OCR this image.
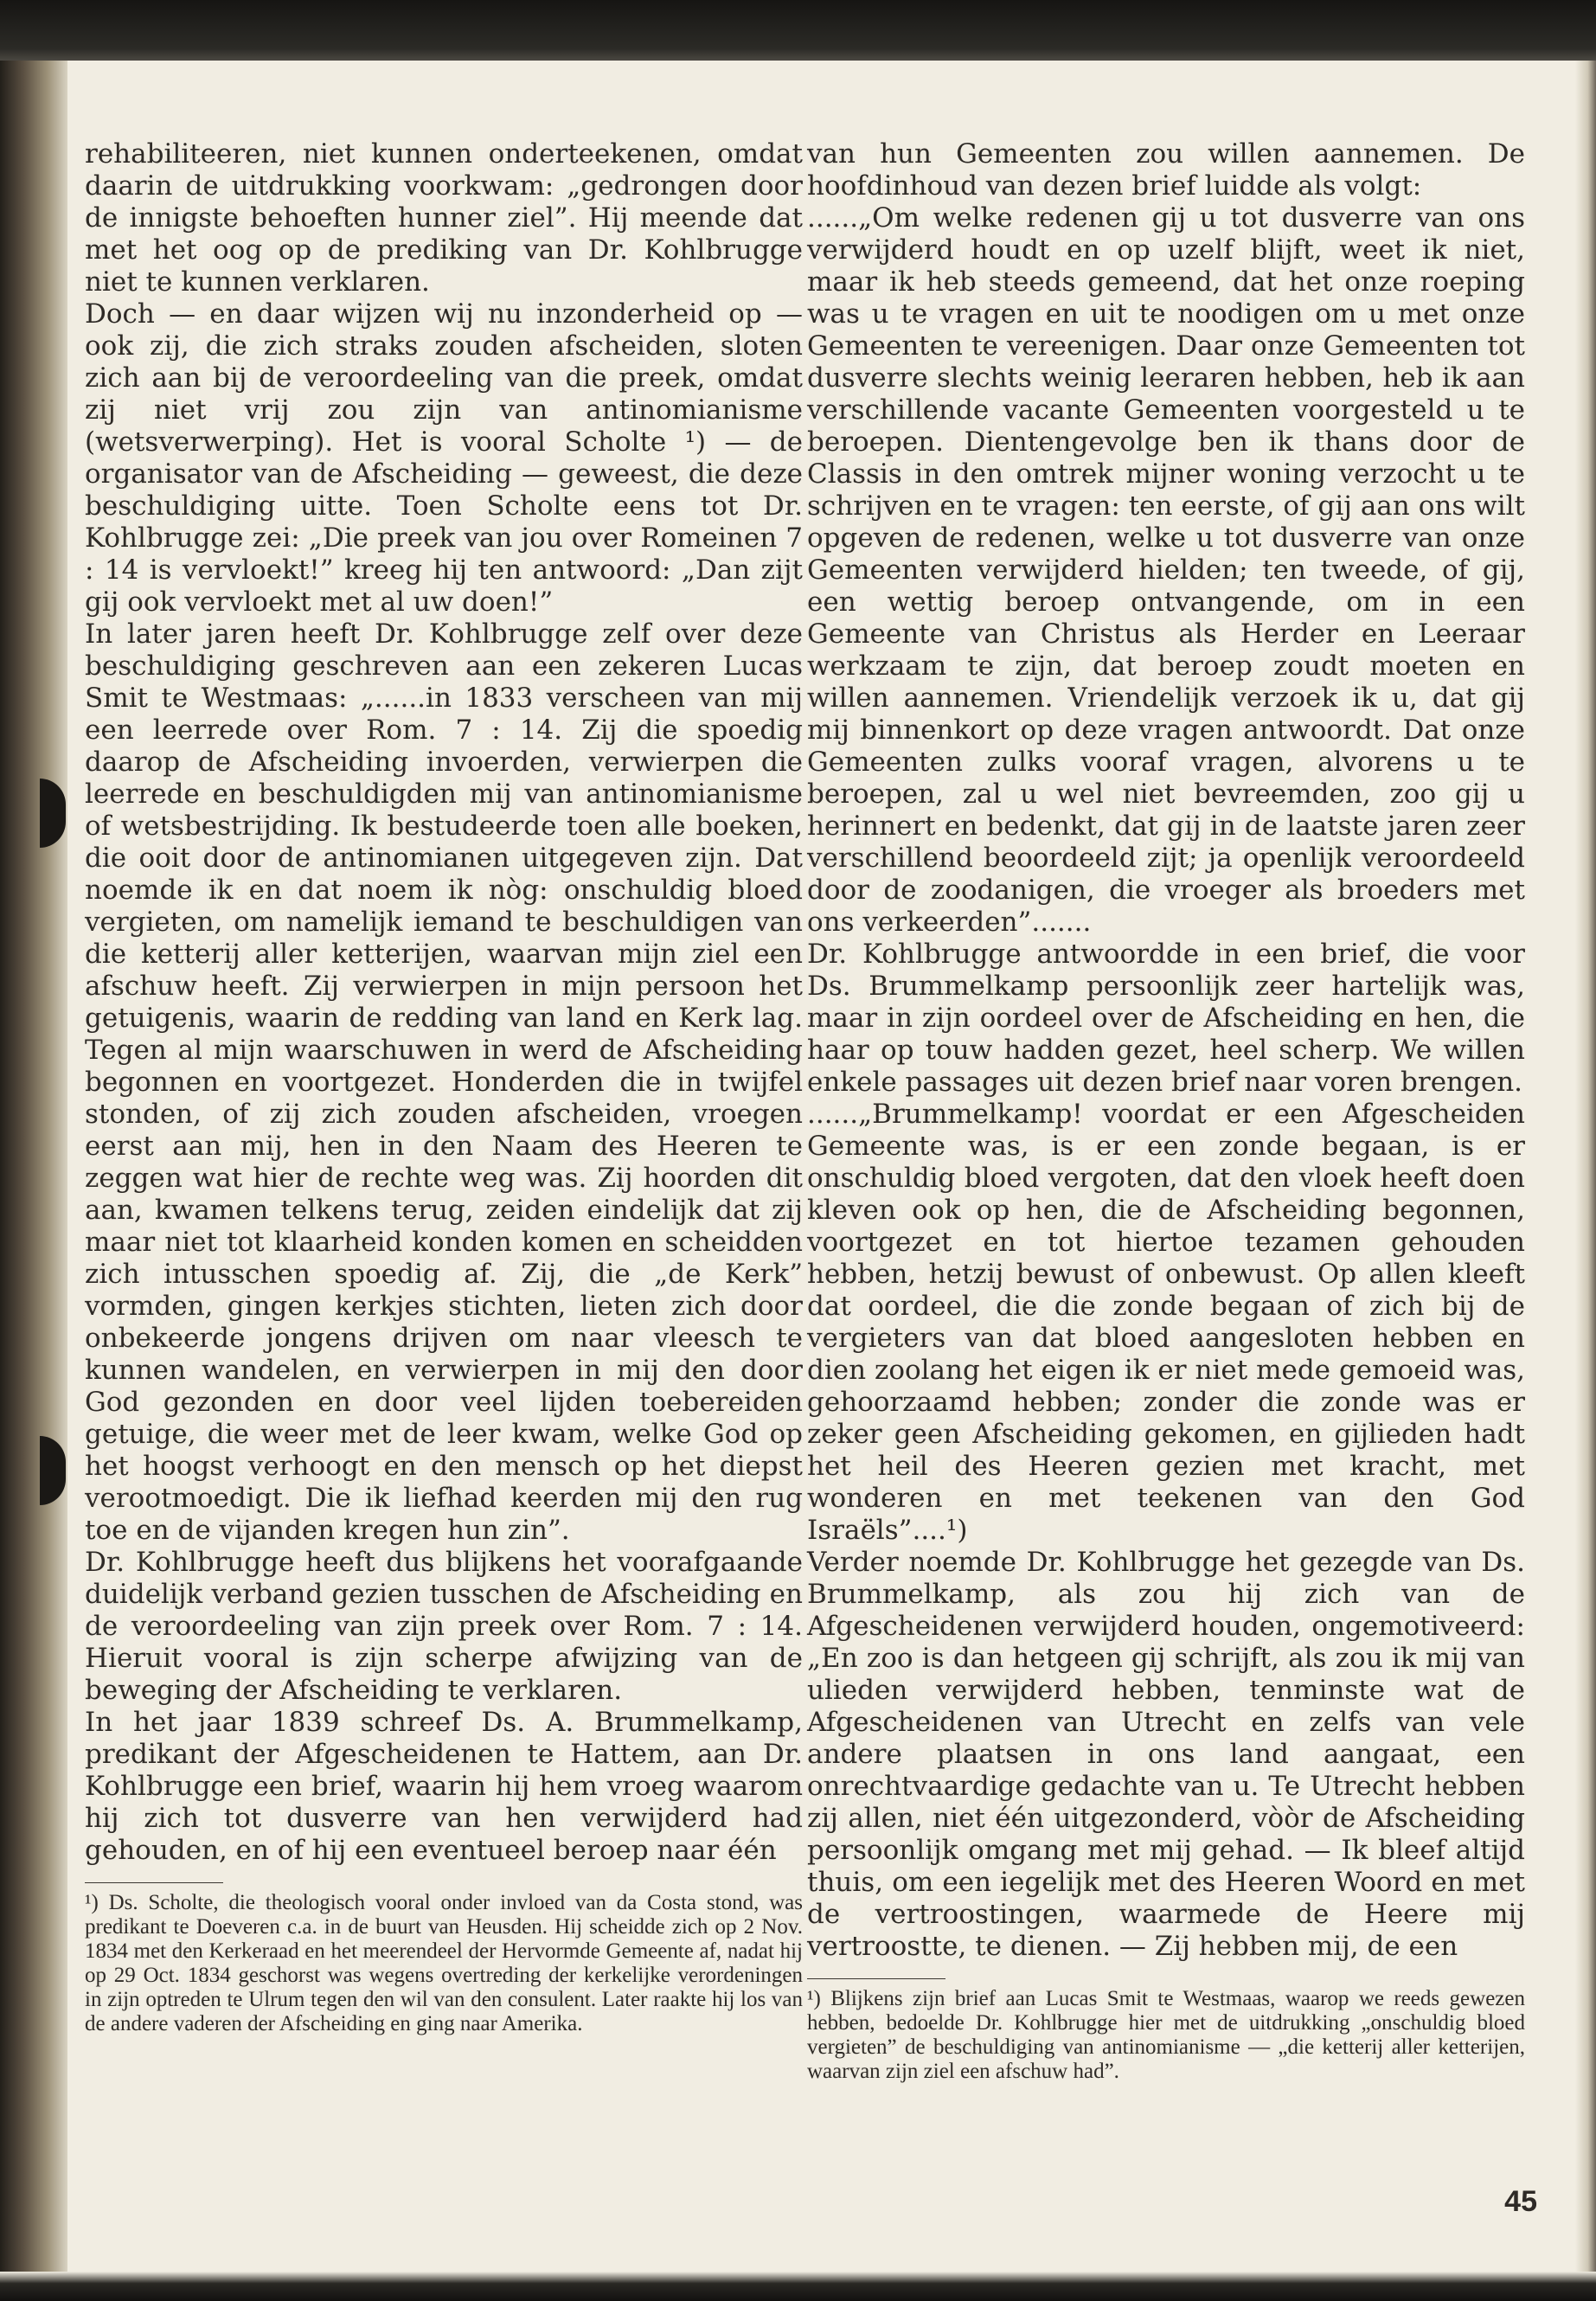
rehabiliteeren, niet kunnen onderteekenen, omdat daarin de uitdrukking voorkwam: „gedrongen door de innigste behoeften hunner ziel”. Hij meende dat met het oog op de prediking van Dr. Kohlbrugge niet te kunnen verklaren.

Doch — en daar wijzen wij nu inzonderheid op — ook zij, die zich straks zouden afscheiden, sloten zich aan bij de veroordeeling van die preek, omdat zij niet vrij zou zijn van antinomianisme (wetsverwerping). Het is vooral Scholte ¹) — de organisator van de Afscheiding — geweest, die deze beschuldiging uitte. Toen Scholte eens tot Dr. Kohlbrugge zei: „Die preek van jou over Romeinen 7 : 14 is vervloekt!” kreeg hij ten antwoord: „Dan zijt gij ook vervloekt met al uw doen!”

In later jaren heeft Dr. Kohlbrugge zelf over deze beschuldiging geschreven aan een zekeren Lucas Smit te Westmaas: „......in 1833 verscheen van mij een leerrede over Rom. 7 : 14. Zij die spoedig daarop de Afscheiding invoerden, verwierpen die leerrede en beschuldigden mij van antinomianisme of wetsbestrijding. Ik bestudeerde toen alle boeken, die ooit door de antinomianen uitgegeven zijn. Dat noemde ik en dat noem ik nòg: onschuldig bloed vergieten, om namelijk iemand te beschuldigen van die ketterij aller ketterijen, waarvan mijn ziel een afschuw heeft. Zij verwierpen in mijn persoon het getuigenis, waarin de redding van land en Kerk lag. Tegen al mijn waarschuwen in werd de Afscheiding begonnen en voortgezet. Honderden die in twijfel stonden, of zij zich zouden afscheiden, vroegen eerst aan mij, hen in den Naam des Heeren te zeggen wat hier de rechte weg was. Zij hoorden dit aan, kwamen telkens terug, zeiden eindelijk dat zij maar niet tot klaarheid konden komen en scheidden zich intusschen spoedig af. Zij, die „de Kerk” vormden, gingen kerkjes stichten, lieten zich door onbekeerde jongens drijven om naar vleesch te kunnen wandelen, en verwierpen in mij den door God gezonden en door veel lijden toebereiden getuige, die weer met de leer kwam, welke God op het hoogst verhoogt en den mensch op het diepst verootmoedigt. Die ik liefhad keerden mij den rug toe en de vijanden kregen hun zin”.

Dr. Kohlbrugge heeft dus blijkens het voorafgaande duidelijk verband gezien tusschen de Afscheiding en de veroordeeling van zijn preek over Rom. 7 : 14. Hieruit vooral is zijn scherpe afwijzing van de beweging der Afscheiding te verklaren.

In het jaar 1839 schreef Ds. A. Brummelkamp, predikant der Afgescheidenen te Hattem, aan Dr. Kohlbrugge een brief, waarin hij hem vroeg waarom hij zich tot dusverre van hen verwijderd had gehouden, en of hij een eventueel beroep naar één

¹) Ds. Scholte, die theologisch vooral onder invloed van da Costa stond, was predikant te Doeveren c.a. in de buurt van Heusden. Hij scheidde zich op 2 Nov. 1834 met den Kerkeraad en het meerendeel der Hervormde Gemeente af, nadat hij op 29 Oct. 1834 geschorst was wegens overtreding der kerkelijke verordeningen in zijn optreden te Ulrum tegen den wil van den consulent. Later raakte hij los van de andere vaderen der Afscheiding en ging naar Amerika.

van hun Gemeenten zou willen aannemen. De hoofdinhoud van dezen brief luidde als volgt:

......„Om welke redenen gij u tot dusverre van ons verwijderd houdt en op uzelf blijft, weet ik niet, maar ik heb steeds gemeend, dat het onze roeping was u te vragen en uit te noodigen om u met onze Gemeenten te vereenigen. Daar onze Gemeenten tot dusverre slechts weinig leeraren hebben, heb ik aan verschillende vacante Gemeenten voorgesteld u te beroepen. Dientengevolge ben ik thans door de Classis in den omtrek mijner woning verzocht u te schrijven en te vragen: ten eerste, of gij aan ons wilt opgeven de redenen, welke u tot dusverre van onze Gemeenten verwijderd hielden; ten tweede, of gij, een wettig beroep ontvangende, om in een Gemeente van Christus als Herder en Leeraar werkzaam te zijn, dat beroep zoudt moeten en willen aannemen. Vriendelijk verzoek ik u, dat gij mij binnenkort op deze vragen antwoordt. Dat onze Gemeenten zulks vooraf vragen, alvorens u te beroepen, zal u wel niet bevreemden, zoo gij u herinnert en bedenkt, dat gij in de laatste jaren zeer verschillend beoordeeld zijt; ja openlijk veroordeeld door de zoodanigen, die vroeger als broeders met ons verkeerden”.......

Dr. Kohlbrugge antwoordde in een brief, die voor Ds. Brummelkamp persoonlijk zeer hartelijk was, maar in zijn oordeel over de Afscheiding en hen, die haar op touw hadden gezet, heel scherp. We willen enkele passages uit dezen brief naar voren brengen.

......„Brummelkamp! voordat er een Afgescheiden Gemeente was, is er een zonde begaan, is er onschuldig bloed vergoten, dat den vloek heeft doen kleven ook op hen, die de Afscheiding begonnen, voortgezet en tot hiertoe tezamen gehouden hebben, hetzij bewust of onbewust. Op allen kleeft dat oordeel, die die zonde begaan of zich bij de vergieters van dat bloed aangesloten hebben en dien zoolang het eigen ik er niet mede gemoeid was, gehoorzaamd hebben; zonder die zonde was er zeker geen Afscheiding gekomen, en gijlieden hadt het heil des Heeren gezien met kracht, met wonderen en met teekenen van den God Israëls”....¹)

Verder noemde Dr. Kohlbrugge het gezegde van Ds. Brummelkamp, als zou hij zich van de Afgescheidenen verwijderd houden, ongemotiveerd: „En zoo is dan hetgeen gij schrijft, als zou ik mij van ulieden verwijderd hebben, tenminste wat de Afgescheidenen van Utrecht en zelfs van vele andere plaatsen in ons land aangaat, een onrechtvaardige gedachte van u. Te Utrecht hebben zij allen, niet één uitgezonderd, vòòr de Afscheiding persoonlijk omgang met mij gehad. — Ik bleef altijd thuis, om een iegelijk met des Heeren Woord en met de vertroostingen, waarmede de Heere mij vertroostte, te dienen. — Zij hebben mij, de een

¹) Blijkens zijn brief aan Lucas Smit te Westmaas, waarop we reeds gewezen hebben, bedoelde Dr. Kohlbrugge hier met de uitdrukking „onschuldig bloed vergieten” de beschuldiging van antinomianisme — „die ketterij aller ketterijen, waarvan zijn ziel een afschuw had”.

45
